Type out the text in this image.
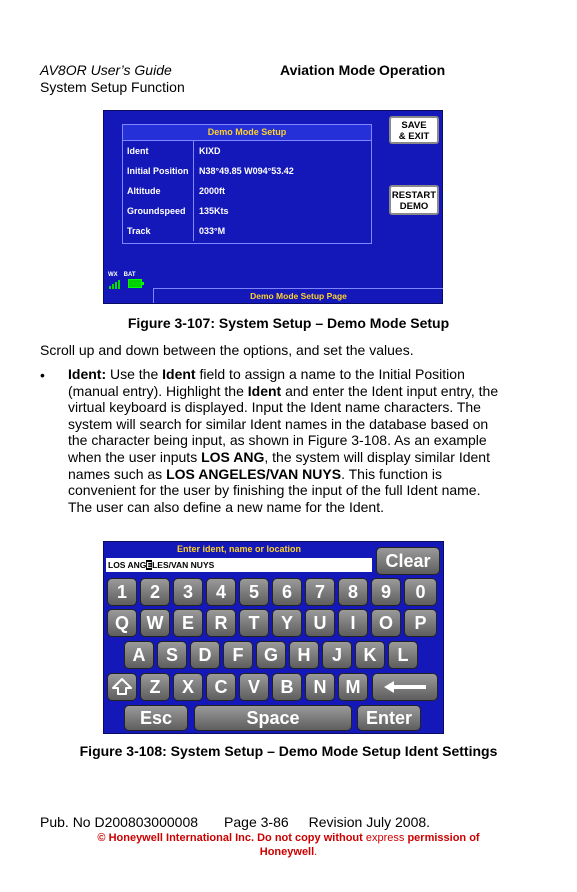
AV8OR User’s Guide
System Setup Function
Aviation Mode Operation
Demo Mode Setup
Ident	KIXD
Initial Position	N38°49.85 W094°53.42
Altitude	2000ft
Groundspeed	135Kts
Track	033°M
SAVE
& EXIT
RESTART
DEMO
WX BAT
Demo Mode Setup Page
Figure 3-107: System Setup – Demo Mode Setup
Scroll up and down between the options, and set the values.
• Ident: Use the Ident field to assign a name to the Initial Position (manual entry). Highlight the Ident and enter the Ident input entry, the virtual keyboard is displayed. Input the Ident name characters. The system will search for similar Ident names in the database based on the character being input, as shown in Figure 3-108. As an example when the user inputs LOS ANG, the system will display similar Ident names such as LOS ANGELES/VAN NUYS. This function is convenient for the user by finishing the input of the full Ident name. The user can also define a new name for the Ident.
Enter ident, name or location
LOS ANGELES/VAN NUYS	Clear
1	2	3	4	5	6	7	8	9	0
Q W	E	R	T	Y	U	I	O	P
A	S	D	F	G	H	J	K	L
Z	X	C	V	B	N	M
Esc	Space	Enter
Figure 3-108: System Setup – Demo Mode Setup Ident Settings
Pub. No D200803000008 Page 3-86 Revision July 2008.
© Honeywell International Inc. Do not copy without express permission of
Honeywell.
